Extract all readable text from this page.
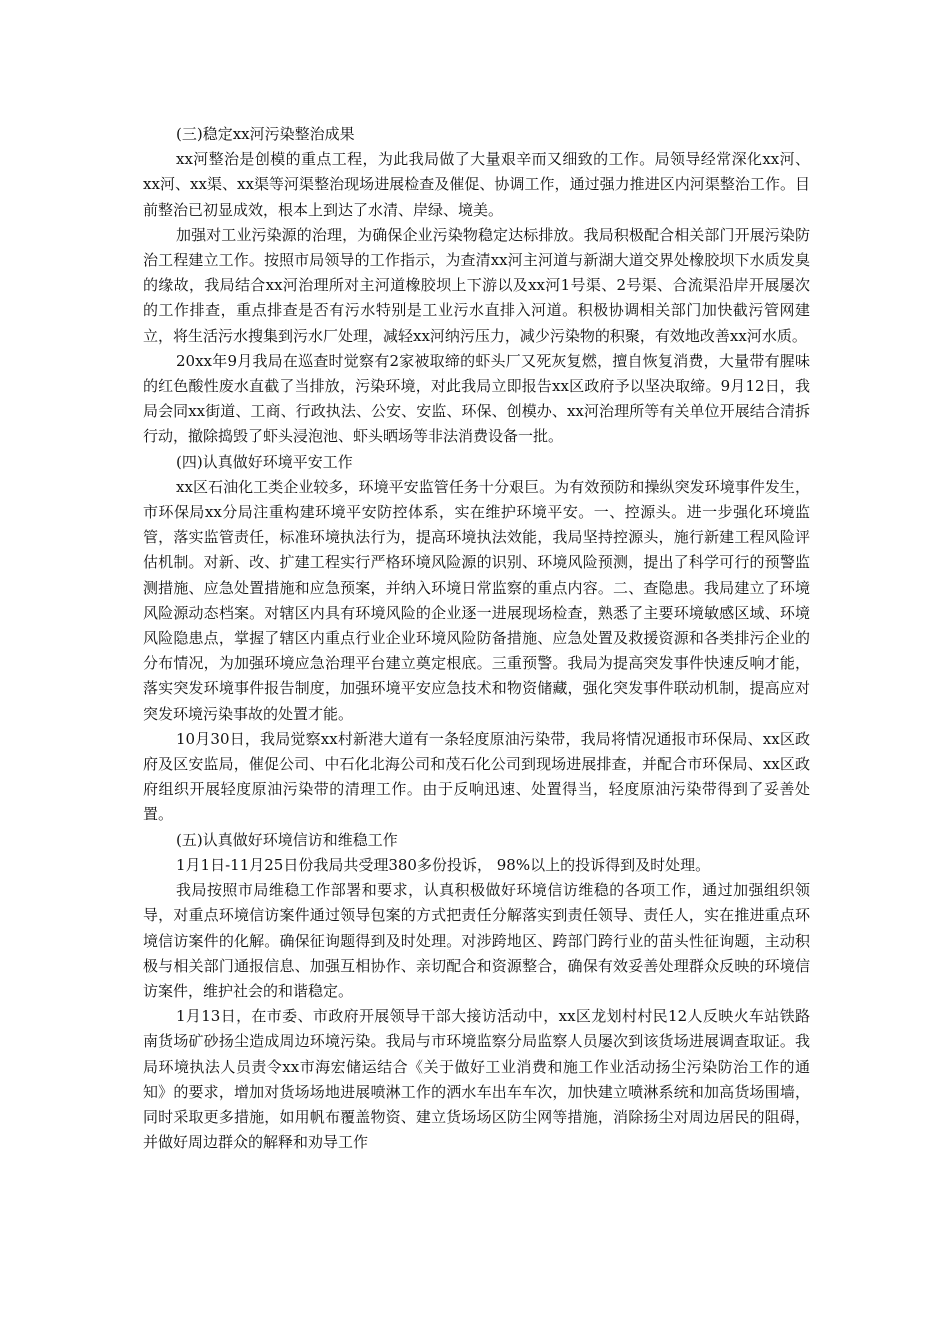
(三)稳定xx河污染整治成果

xx河整治是创模的重点工程，为此我局做了大量艰辛而又细致的工作。局领导经常深化xx河、xx河、xx渠、xx渠等河渠整治现场进展检查及催促、协调工作，通过强力推进区内河渠整治工作。目前整治已初显成效，根本上到达了水清、岸绿、境美。

加强对工业污染源的治理，为确保企业污染物稳定达标排放。我局积极配合相关部门开展污染防治工程建立工作。按照市局领导的工作指示，为查清xx河主河道与新湖大道交界处橡胶坝下水质发臭的缘故，我局结合xx河治理所对主河道橡胶坝上下游以及xx河1号渠、2号渠、合流渠沿岸开展屡次的工作排查，重点排查是否有污水特别是工业污水直排入河道。积极协调相关部门加快截污管网建立，将生活污水搜集到污水厂处理，减轻xx河纳污压力，减少污染物的积聚，有效地改善xx河水质。

20xx年9月我局在巡查时觉察有2家被取缔的虾头厂又死灰复燃，擅自恢复消费，大量带有腥味的红色酸性废水直截了当排放，污染环境，对此我局立即报告xx区政府予以坚决取缔。9月12日，我局会同xx街道、工商、行政执法、公安、安监、环保、创模办、xx河治理所等有关单位开展结合清拆行动，撤除捣毁了虾头浸泡池、虾头晒场等非法消费设备一批。

(四)认真做好环境平安工作

xx区石油化工类企业较多，环境平安监管任务十分艰巨。为有效预防和操纵突发环境事件发生，市环保局xx分局注重构建环境平安防控体系，实在维护环境平安。一、控源头。进一步强化环境监管，落实监管责任，标准环境执法行为，提高环境执法效能，我局坚持控源头，施行新建工程风险评估机制。对新、改、扩建工程实行严格环境风险源的识别、环境风险预测，提出了科学可行的预警监测措施、应急处置措施和应急预案，并纳入环境日常监察的重点内容。二、查隐患。我局建立了环境风险源动态档案。对辖区内具有环境风险的企业逐一进展现场检查，熟悉了主要环境敏感区域、环境风险隐患点，掌握了辖区内重点行业企业环境风险防备措施、应急处置及救援资源和各类排污企业的分布情况，为加强环境应急治理平台建立奠定根底。三重预警。我局为提高突发事件快速反响才能，落实突发环境事件报告制度，加强环境平安应急技术和物资储藏，强化突发事件联动机制，提高应对突发环境污染事故的处置才能。

10月30日，我局觉察xx村新港大道有一条轻度原油污染带，我局将情况通报市环保局、xx区政府及区安监局，催促公司、中石化北海公司和茂石化公司到现场进展排查，并配合市环保局、xx区政府组织开展轻度原油污染带的清理工作。由于反响迅速、处置得当，轻度原油污染带得到了妥善处置。

(五)认真做好环境信访和维稳工作

1月1日-11月25日份我局共受理380多份投诉， 98%以上的投诉得到及时处理。

我局按照市局维稳工作部署和要求，认真积极做好环境信访维稳的各项工作，通过加强组织领导，对重点环境信访案件通过领导包案的方式把责任分解落实到责任领导、责任人，实在推进重点环境信访案件的化解。确保征询题得到及时处理。对涉跨地区、跨部门跨行业的苗头性征询题，主动积极与相关部门通报信息、加强互相协作、亲切配合和资源整合，确保有效妥善处理群众反映的环境信访案件，维护社会的和谐稳定。

1月13日，在市委、市政府开展领导干部大接访活动中，xx区龙划村村民12人反映火车站铁路南货场矿砂扬尘造成周边环境污染。我局与市环境监察分局监察人员屡次到该货场进展调查取证。我局环境执法人员责令xx市海宏储运结合《关于做好工业消费和施工作业活动扬尘污染防治工作的通知》的要求，增加对货场场地进展喷淋工作的洒水车出车车次，加快建立喷淋系统和加高货场围墙，同时采取更多措施，如用帆布覆盖物资、建立货场场区防尘网等措施，消除扬尘对周边居民的阻碍，并做好周边群众的解释和劝导工作
